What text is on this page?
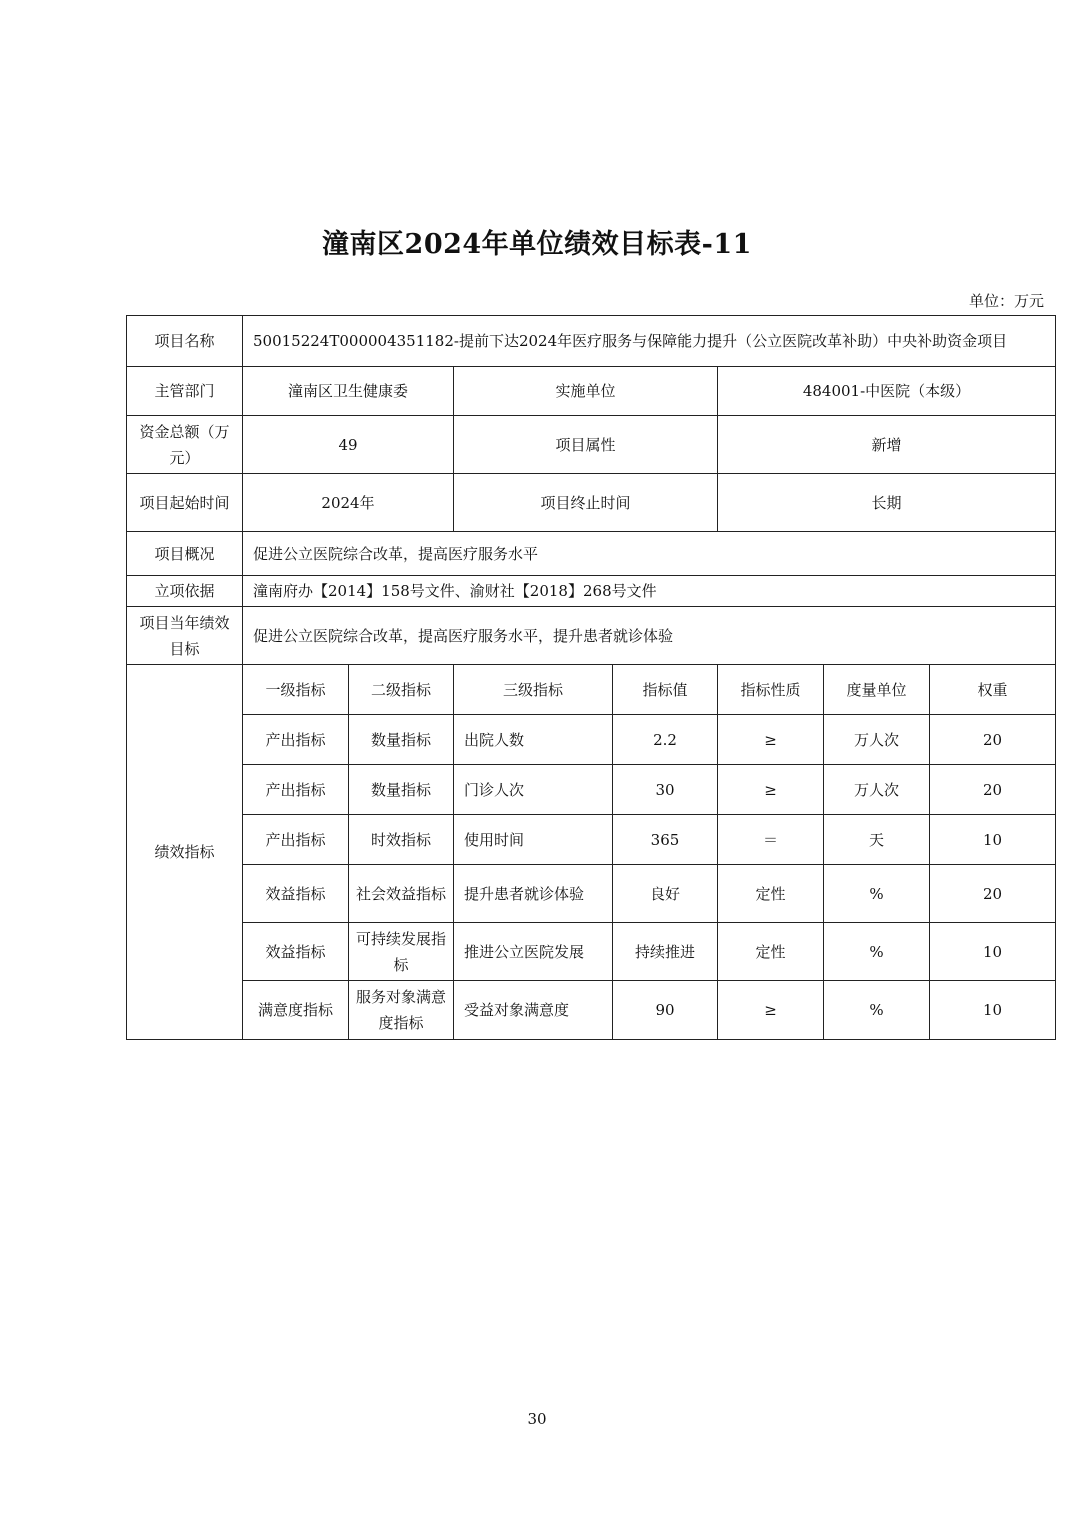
潼南区2024年单位绩效目标表-11
单位：万元
项目名称	50015224T000004351182-提前下达2024年医疗服务与保障能力提升（公立医院改革补助）中央补助资金项目						
主管部门	潼南区卫生健康委		实施单位		484001-中医院（本级）		
资金总额（万元）	49		项目属性		新增		
项目起始时间	2024年		项目终止时间		长期		
项目概况	促进公立医院综合改革，提高医疗服务水平						
立项依据	潼南府办【2014】158号文件、渝财社【2018】268号文件						
项目当年绩效目标	促进公立医院综合改革，提高医疗服务水平，提升患者就诊体验						
绩效指标	一级指标	二级指标	三级指标	指标值	指标性质	度量单位	权重
	产出指标	数量指标	出院人数	2.2	≥	万人次	20
	产出指标	数量指标	门诊人次	30	≥	万人次	20
	产出指标	时效指标	使用时间	365	＝	天	10
	效益指标	社会效益指标	提升患者就诊体验	良好	定性	%	20
	效益指标	可持续发展指标	推进公立医院发展	持续推进	定性	%	10
	满意度指标	服务对象满意度指标	受益对象满意度	90	≥	%	10
30
